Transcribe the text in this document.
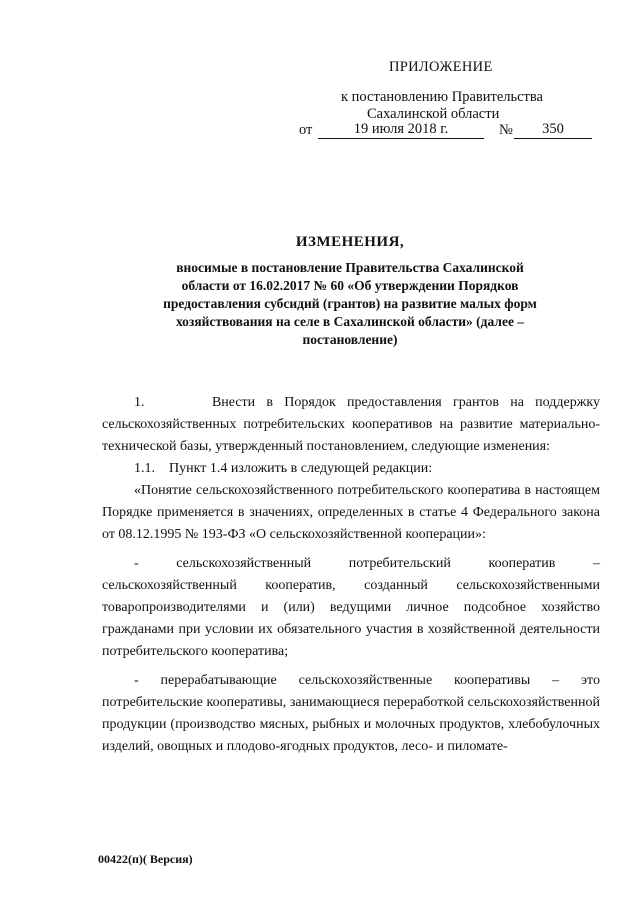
ПРИЛОЖЕНИЕ
к постановлению Правительства
Сахалинской области
от	19 июля 2018 г.	№	350
ИЗМЕНЕНИЯ,
вносимые в постановление Правительства Сахалинской области от 16.02.2017 № 60 «Об утверждении Порядков предоставления субсидий (грантов) на развитие малых форм хозяйствования на селе в Сахалинской области» (далее – постановление)

1.      Внести в Порядок предоставления грантов на поддержку сельскохозяйственных потребительских кооперативов на развитие материально-технической базы, утвержденный постановлением, следующие изменения:

1.1.    Пункт 1.4 изложить в следующей редакции:

«Понятие сельскохозяйственного потребительского кооператива в настоящем Порядке применяется в значениях, определенных в статье 4 Федерального закона от 08.12.1995 № 193-ФЗ «О сельскохозяйственной кооперации»:

- сельскохозяйственный потребительский кооператив – сельскохозяйственный кооператив, созданный сельскохозяйственными товаропроизводителями и (или) ведущими личное подсобное хозяйство гражданами при условии их обязательного участия в хозяйственной деятельности потребительского кооператива;

- перерабатывающие сельскохозяйственные кооперативы – это потребительские кооперативы, занимающиеся переработкой сельскохозяйственной продукции (производство мясных, рыбных и молочных продуктов, хлебобулочных изделий, овощных и плодово-ягодных продуктов, лесо- и пиломате-

00422(п)( Версия)
